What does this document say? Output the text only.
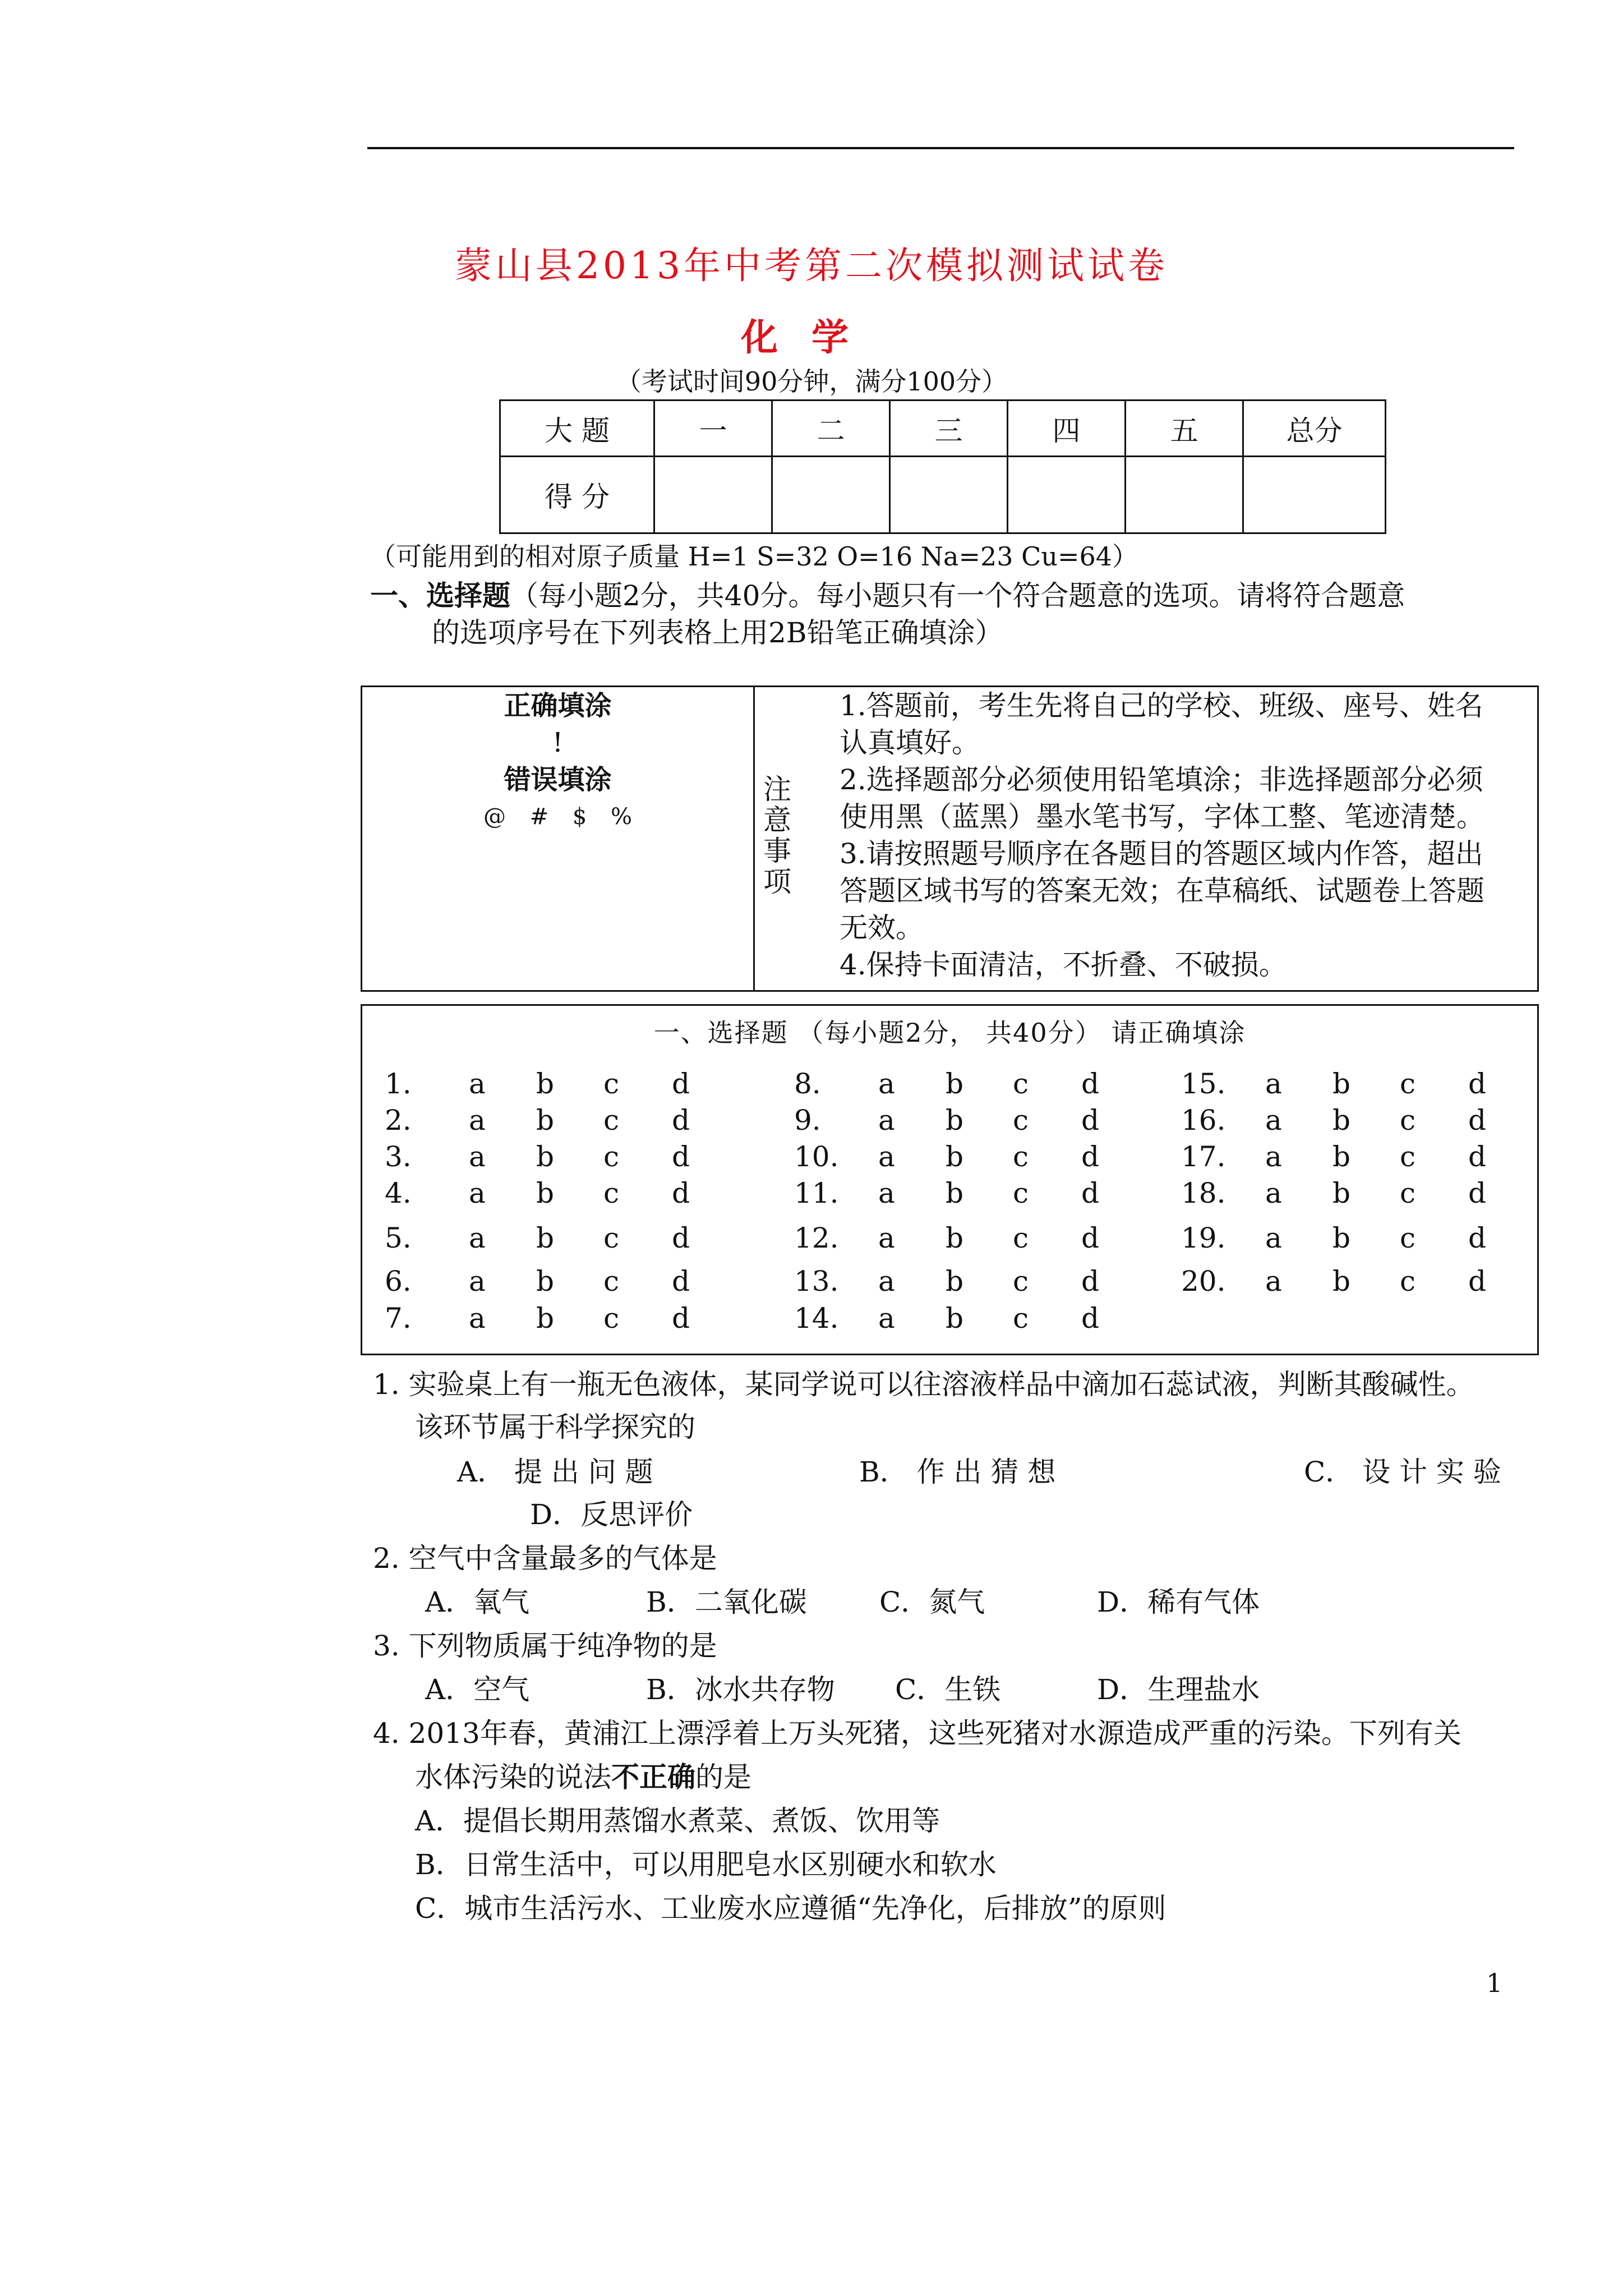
蒙山县2013年中考第二次模拟测试试卷
化学
（考试时间90分钟，满分100分）
大 题	一	二	三	四	五	总分
得 分						
（可能用到的相对原子质量 H=1 S=32 O=16 Na=23 Cu=64）
一、选择题（每小题2分，共40分。每小题只有一个符合题意的选项。请将符合题意
的选项序号在下列表格上用2B铅笔正确填涂）
正确填涂
!
错误填涂
@ # $ %
1.答题前，考生先将自己的学校、班级、座号、姓名
认真填好。
2.选择题部分必须使用铅笔填涂；非选择题部分必须
使用黑（蓝黑）墨水笔书写，字体工整、笔迹清楚。
3.请按照题号顺序在各题目的答题区域内作答，超出
答题区域书写的答案无效；在草稿纸、试题卷上答题
无效。
4.保持卡面清洁，不折叠、不破损。
注
意
事
项
一、选择题 （每小题2分， 共40分） 请正确填涂
1. a b c d
2. a b c d
3. a b c d
4. a b c d
5. a b c d
6. a b c d
7. a b c d
8. a b c d
9. a b c d
10. a b c d
11. a b c d
12. a b c d
13. a b c d
14. a b c d
15. a b c d
16. a b c d
17. a b c d
18. a b c d
19. a b c d
20. a b c d
1. 实验桌上有一瓶无色液体，某同学说可以往溶液样品中滴加石蕊试液，判断其酸碱性。
该环节属于科学探究的
A． 提 出 问 题	B． 作 出 猜 想	C． 设 计 实 验
D．反思评价
2. 空气中含量最多的气体是
A．氧气	B．二氧化碳	C．氮气	D．稀有气体
3. 下列物质属于纯净物的是
A．空气	B．冰水共存物 C．生铁	D．生理盐水
4. 2013年春，黄浦江上漂浮着上万头死猪，这些死猪对水源造成严重的污染。下列有关
水体污染的说法不正确的是
A．提倡长期用蒸馏水煮菜、煮饭、饮用等
B．日常生活中，可以用肥皂水区别硬水和软水
C．城市生活污水、工业废水应遵循“先净化，后排放”的原则
1
